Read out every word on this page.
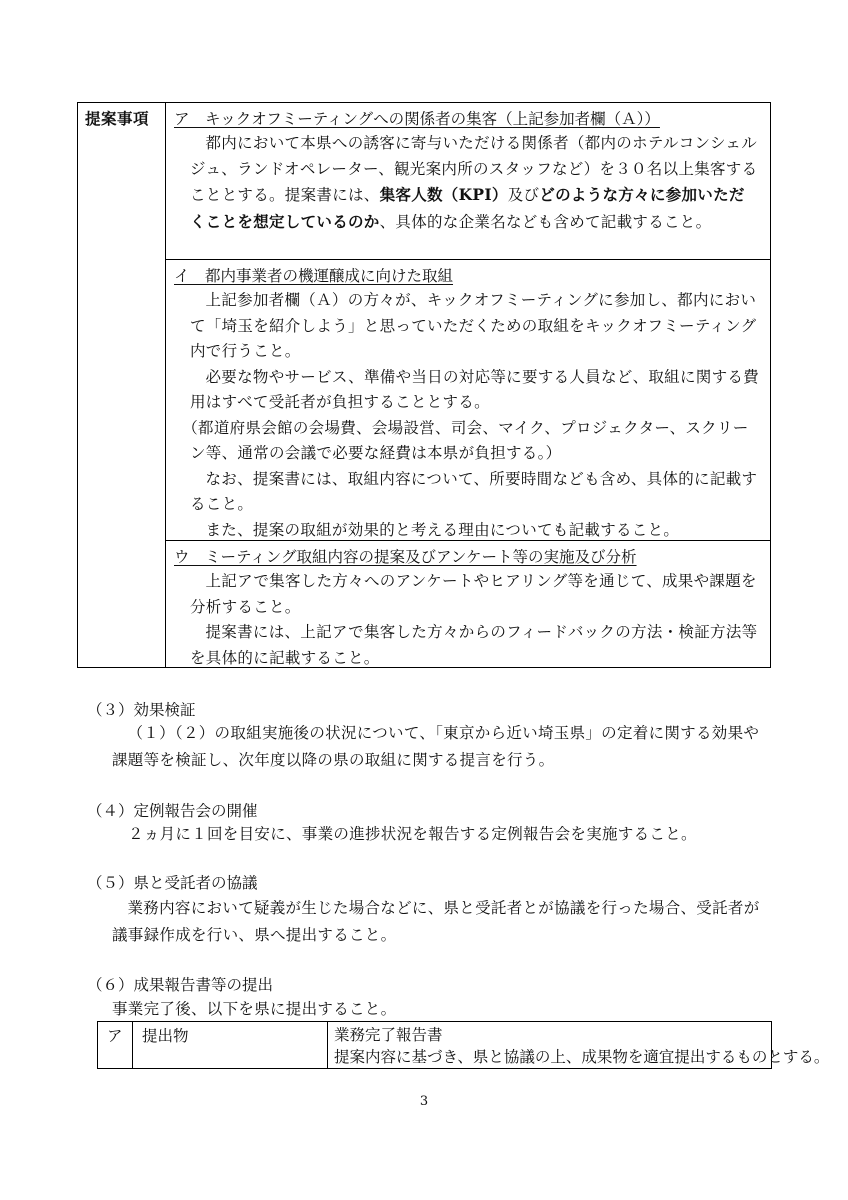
提案事項 ア　キックオフミーティングへの関係者の集客（上記参加者欄（Ａ））

都内において本県への誘客に寄与いただける関係者（都内のホテルコンシェルジュ、ランドオペレーター、観光案内所のスタッフなど）を３０名以上集客することとする。提案書には、集客人数（KPI）及びどのような方々に参加いただくことを想定しているのか、具体的な企業名なども含めて記載すること。

イ　都内事業者の機運醸成に向けた取組

上記参加者欄（Ａ）の方々が、キックオフミーティングに参加し、都内において「埼玉を紹介しよう」と思っていただくための取組をキックオフミーティング内で行うこと。

必要な物やサービス、準備や当日の対応等に要する人員など、取組に関する費用はすべて受託者が負担することとする。

（都道府県会館の会場費、会場設営、司会、マイク、プロジェクター、スクリーン等、通常の会議で必要な経費は本県が負担する。）

なお、提案書には、取組内容について、所要時間なども含め、具体的に記載すること。

また、提案の取組が効果的と考える理由についても記載すること。

ウ　ミーティング取組内容の提案及びアンケート等の実施及び分析

上記アで集客した方々へのアンケートやヒアリング等を通じて、成果や課題を分析すること。

提案書には、上記アで集客した方々からのフィードバックの方法・検証方法等を具体的に記載すること。

（３）効果検証
（１）（２）の取組実施後の状況について、「東京から近い埼玉県」の定着に関する効果や課題等を検証し、次年度以降の県の取組に関する提言を行う。
（４）定例報告会の開催
２ヵ月に１回を目安に、事業の進捗状況を報告する定例報告会を実施すること。
（５）県と受託者の協議
業務内容において疑義が生じた場合などに、県と受託者とが協議を行った場合、受託者が議事録作成を行い、県へ提出すること。
（６）成果報告書等の提出
事業完了後、以下を県に提出すること。
ア 提出物	業務完了報告書
提案内容に基づき、県と協議の上、成果物を適宜提出するものとする。
3
